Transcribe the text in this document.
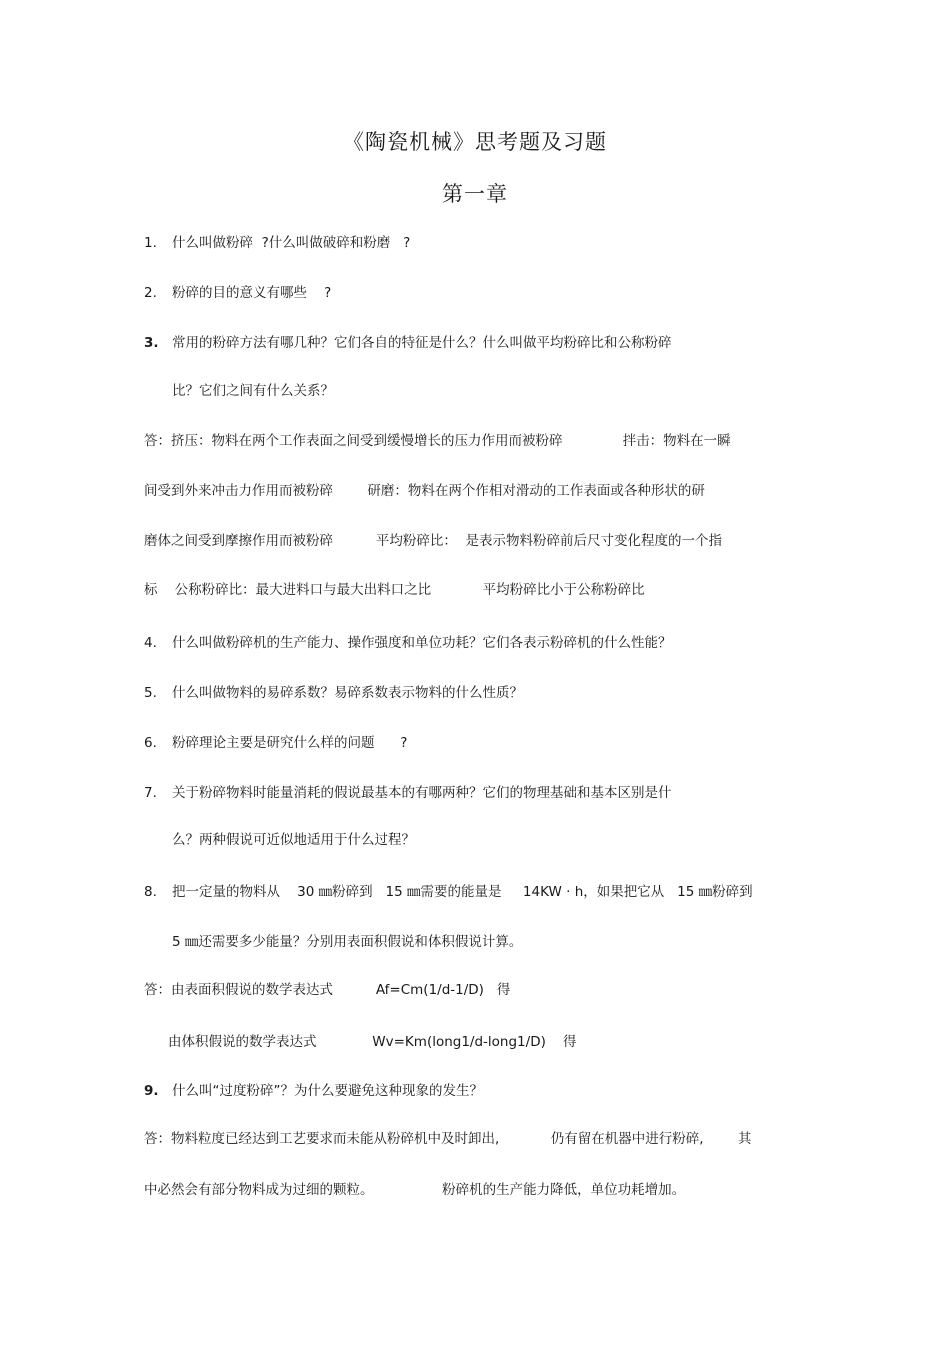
《陶瓷机械》思考题及习题
第一章
1. 什么叫做粉碎  ?什么叫做破碎和粉磨   ?
2. 粉碎的目的意义有哪些    ?
3. 常用的粉碎方法有哪几种？它们各自的特征是什么？什么叫做平均粉碎比和公称粉碎
比？它们之间有什么关系？
答：挤压：物料在两个工作表面之间受到缓慢增长的压力作用而被粉碎              拌击：物料在一瞬
间受到外来冲击力作用而被粉碎        研磨：物料在两个作相对滑动的工作表面或各种形状的研
磨体之间受到摩擦作用而被粉碎          平均粉碎比：  是表示物料粉碎前后尺寸变化程度的一个指
标    公称粉碎比：最大进料口与最大出料口之比            平均粉碎比小于公称粉碎比
4. 什么叫做粉碎机的生产能力、操作强度和单位功耗？它们各表示粉碎机的什么性能？
5. 什么叫做物料的易碎系数？易碎系数表示物料的什么性质？
6. 粉碎理论主要是研究什么样的问题      ?
7. 关于粉碎物料时能量消耗的假说最基本的有哪两种？它们的物理基础和基本区别是什
么？两种假说可近似地适用于什么过程？
8. 把一定量的物料从    30 ㎜粉碎到   15 ㎜需要的能量是     14KW · h，如果把它从   15 ㎜粉碎到
5 ㎜还需要多少能量？分别用表面积假说和体积假说计算。
答：由表面积假说的数学表达式          Af=Cm(1/d-1/D)   得
由体积假说的数学表达式             Wv=Km(long1/d-long1/D)    得
9. 什么叫“过度粉碎”？为什么要避免这种现象的发生？
答：物料粒度已经达到工艺要求而未能从粉碎机中及时卸出,            仍有留在机器中进行粉碎,        其
中必然会有部分物料成为过细的颗粒。                粉碎机的生产能力降低，单位功耗增加。
